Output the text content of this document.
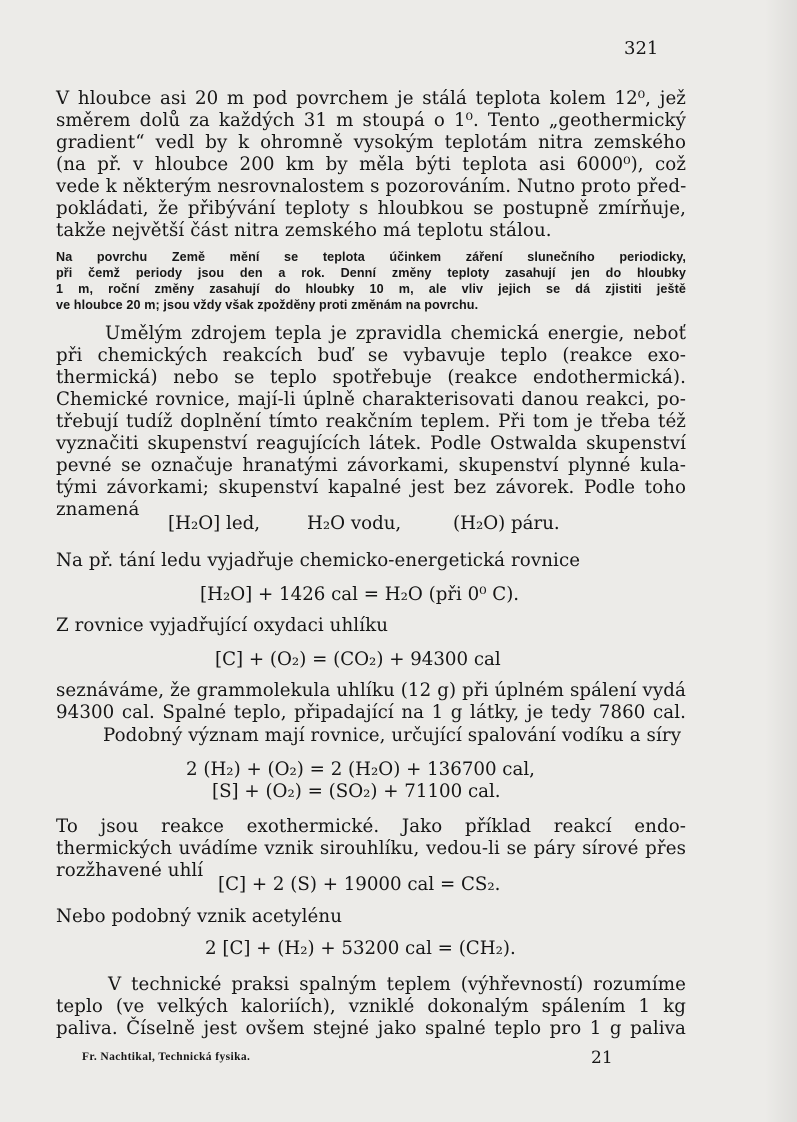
321
V hloubce asi 20 m pod povrchem je stálá teplota kolem 12⁰, jež
směrem dolů za každých 31 m stoupá o 1⁰. Tento „geothermický
gradient“ vedl by k ohromně vysokým teplotám nitra zemského
(na př. v hloubce 200 km by měla býti teplota asi 6000⁰), což
vede k některým nesrovnalostem s pozorováním. Nutno proto před-
pokládati, že přibývání teploty s hloubkou se postupně zmírňuje,
takže největší část nitra zemského má teplotu stálou.
Na povrchu Země mění se teplota účinkem záření slunečního periodicky,
při čemž periody jsou den a rok. Denní změny teploty zasahují jen do hloubky
1 m, roční změny zasahují do hloubky 10 m, ale vliv jejich se dá zjistiti ještě
ve hloubce 20 m; jsou vždy však zpožděny proti změnám na povrchu.
Umělým zdrojem tepla je zpravidla chemická energie, neboť
při chemických reakcích buď se vybavuje teplo (reakce exo-
thermická) nebo se teplo spotřebuje (reakce endothermická).
Chemické rovnice, mají-li úplně charakterisovati danou reakci, po-
třebují tudíž doplnění tímto reakčním teplem. Při tom je třeba též
vyznačiti skupenství reagujících látek. Podle Ostwalda skupenství
pevné se označuje hranatými závorkami, skupenství plynné kula-
tými závorkami; skupenství kapalné jest bez závorek. Podle toho
znamená
[H₂O] led,	H₂O vodu,	(H₂O) páru.
Na př. tání ledu vyjadřuje chemicko-energetická rovnice
[H₂O] + 1426 cal = H₂O (při 0⁰ C).
Z rovnice vyjadřující oxydaci uhlíku
[C] + (O₂) = (CO₂) + 94300 cal
seznáváme, že grammolekula uhlíku (12 g) při úplném spálení vydá
94300 cal. Spalné teplo, připadající na 1 g látky, je tedy 7860 cal.
Podobný význam mají rovnice, určující spalování vodíku a síry
2 (H₂) + (O₂) = 2 (H₂O) + 136700 cal,
[S] + (O₂) = (SO₂) + 71100 cal.
To jsou reakce exothermické. Jako příklad reakcí endo-
thermických uvádíme vznik sirouhlíku, vedou-li se páry sírové přes
rozžhavené uhlí
[C] + 2 (S) + 19000 cal = CS₂.
Nebo podobný vznik acetylénu
2 [C] + (H₂) + 53200 cal = (CH₂).
V technické praksi spalným teplem (výhřevností) rozumíme
teplo (ve velkých kaloriích), vzniklé dokonalým spálením 1 kg
paliva. Číselně jest ovšem stejné jako spalné teplo pro 1 g paliva
Fr. Nachtikal, Technická fysika.	21
